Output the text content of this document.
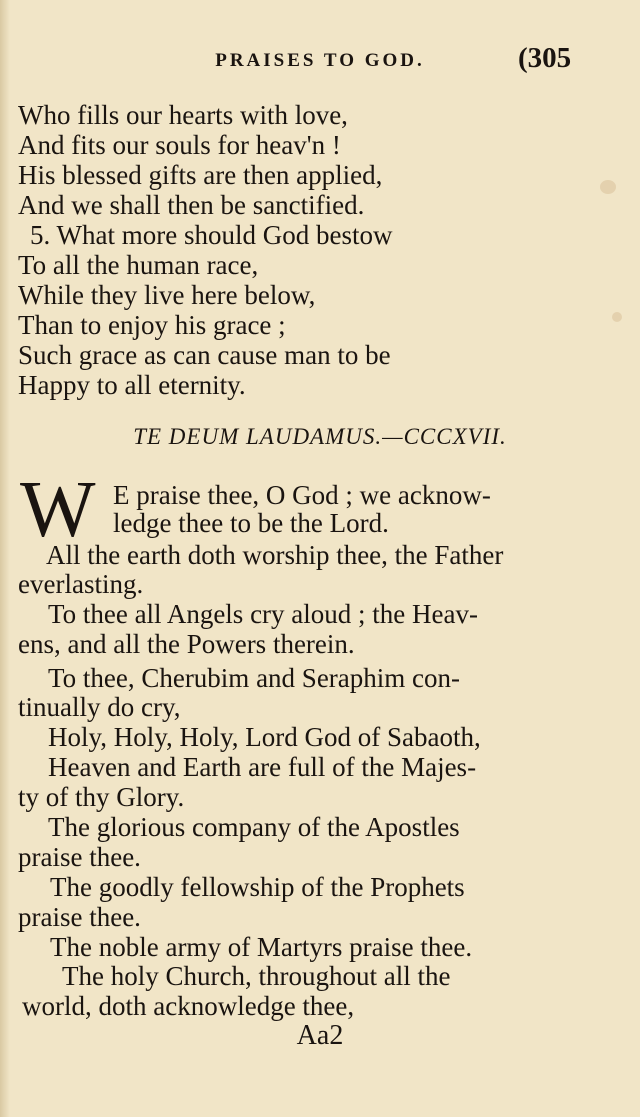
PRAISES TO GOD.	(305
Who fills our hearts with love,
And fits our souls for heav'n !
His blessed gifts are then applied,
And we shall then be sanctified.
5. What more should God bestow
To all the human race,
While they live here below,
Than to enjoy his grace ;
Such grace as can cause man to be
Happy to all eternity.
TE DEUM LAUDAMUS.—CCCXVII.
W E praise thee, O God ; we acknow-
ledge thee to be the Lord.
All the earth doth worship thee, the Father
everlasting.
To thee all Angels cry aloud ; the Heav-
ens, and all the Powers therein.
To thee, Cherubim and Seraphim con-
tinually do cry,
Holy, Holy, Holy, Lord God of Sabaoth,
Heaven and Earth are full of the Majes-
ty of thy Glory.
The glorious company of the Apostles
praise thee.
The goodly fellowship of the Prophets
praise thee.
The noble army of Martyrs praise thee.
The holy Church, throughout all the
world, doth acknowledge thee,
Aa2
